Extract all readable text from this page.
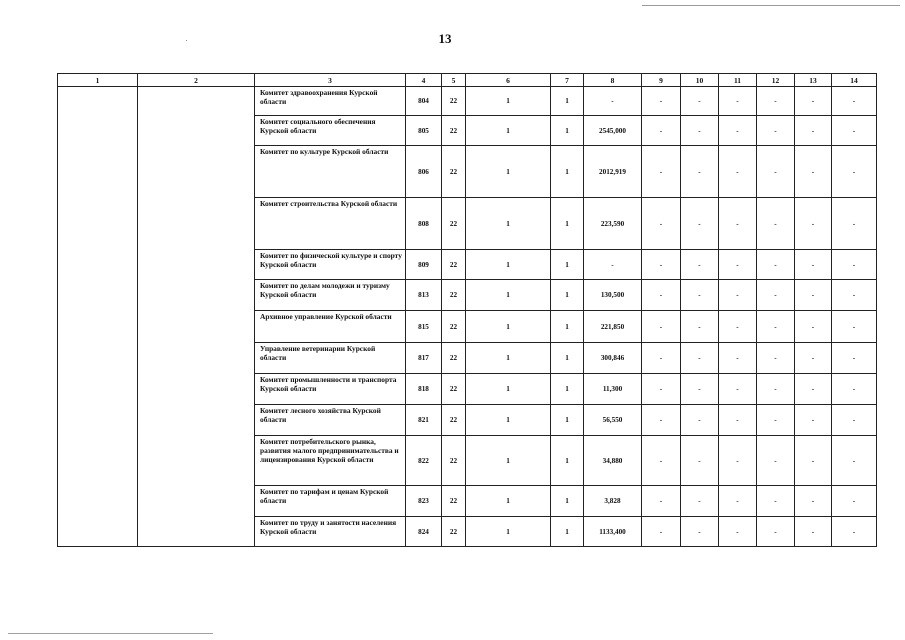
13
1	2	3	4	5	6	7	8	9	10	11	12	13	14
		Комитет здравоохранения Курской области	804	22	1	1	-	-	-	-	-	-	-
		Комитет социального обеспечения Курской области	805	22	1	1	2545,000	-	-	-	-	-	-
		Комитет по культуре Курской области	806	22	1	1	2012,919	-	-	-	-	-	-
		Комитет строительства Курской области	808	22	1	1	223,590	-	-	-	-	-	-
		Комитет по физической культуре и спорту Курской области	809	22	1	1	-	-	-	-	-	-	-
		Комитет по делам молодежи и туризму Курской области	813	22	1	1	130,500	-	-	-	-	-	-
		Архивное управление Курской области	815	22	1	1	221,850	-	-	-	-	-	-
		Управление ветеринарии Курской области	817	22	1	1	300,846	-	-	-	-	-	-
		Комитет промышленности и транспорта Курской области	818	22	1	1	11,300	-	-	-	-	-	-
		Комитет лесного хозяйства Курской области	821	22	1	1	56,550	-	-	-	-	-	-
		Комитет потребительского рынка, развития малого предпринимательства и лицензирования Курской области	822	22	1	1	34,880	-	-	-	-	-	-
		Комитет по тарифам и ценам Курской области	823	22	1	1	3,828	-	-	-	-	-	-
		Комитет по труду и занятости населения Курской области	824	22	1	1	1133,400	-	-	-	-	-	-
